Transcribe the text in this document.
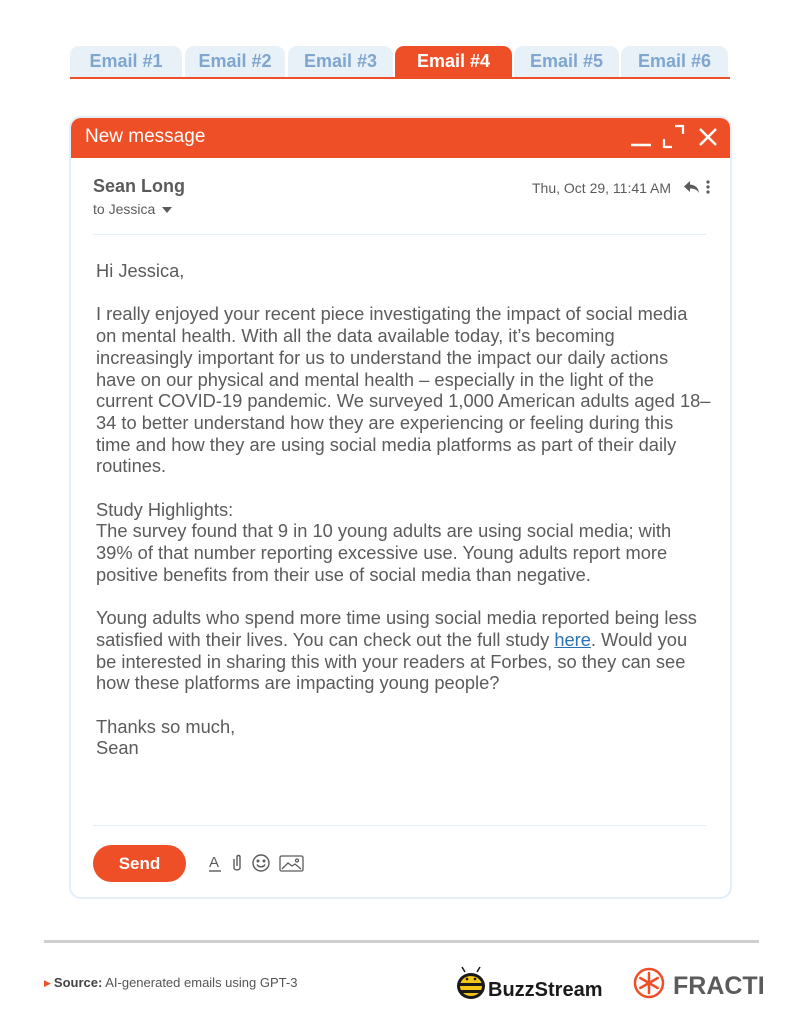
Email #1	Email #2	Email #3	Email #4	Email #5	Email #6
New message
Sean Long
to Jessica
Thu, Oct 29, 11:41 AM

Hi Jessica,

I really enjoyed your recent piece investigating the impact of social media on mental health. With all the data available today, it’s becoming increasingly important for us to understand the impact our daily actions have on our physical and mental health – especially in the light of the current COVID-19 pandemic. We surveyed 1,000 American adults aged 18–34 to better understand how they are experiencing or feeling during this time and how they are using social media platforms as part of their daily routines.

Study Highlights:
The survey found that 9 in 10 young adults are using social media; with 39% of that number reporting excessive use. Young adults report more positive benefits from their use of social media than negative.

Young adults who spend more time using social media reported being less satisfied with their lives. You can check out the full study here. Would you be interested in sharing this with your readers at Forbes, so they can see how these platforms are impacting young people?

Thanks so much,
Sean

Send	A
▶ Source: AI-generated emails using GPT-3	BuzzStream	FRACTL
